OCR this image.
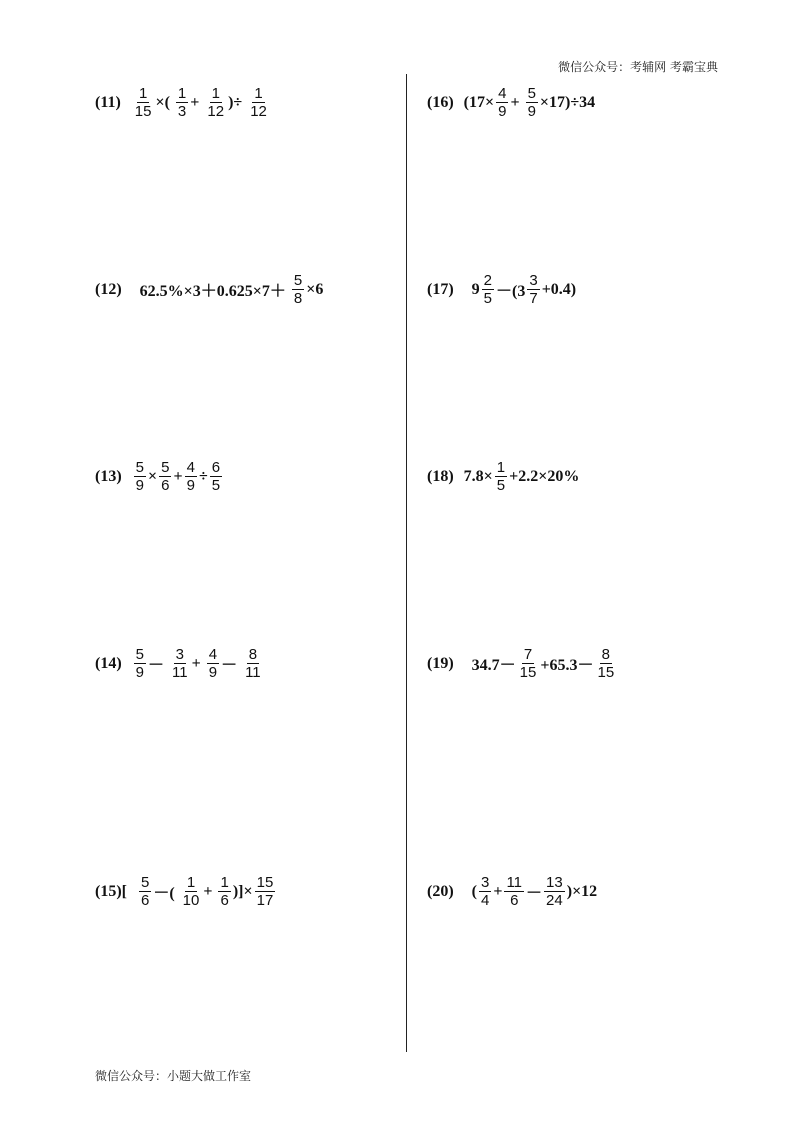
微信公众号：考辅网 考霸宝典
$(11) \frac{1}{15}$ ×( $\frac{1}{3} + \frac{1}{12}$ )÷ $\frac{1}{12}$
(12) $62.5\%\times 3+0.625\times 7+ \frac{5}{8} \times 6$
$(13) \frac{5}{9} \times \frac{5}{6} + \frac{4}{9} \div \frac{6}{5}$
$(14) \frac{5}{9} - \frac{3}{11} + \frac{4}{9} - \frac{8}{11}$
$(15)[ \frac{5}{6}$ －( $\frac{1}{10} + \frac{1}{6}$ )]× $\frac{15}{17}$
(16) $(17\times \frac{4}{9} + \frac{5}{9} \times 17)\div 34$
(17) $9 \frac{2}{5} -(3 \frac{3}{7} +0.4)$
(18) $7.8\times \frac{1}{5} +2.2\times 20\%$
(19) $34.7- \frac{7}{15} +65.3- \frac{8}{15}$
(20) ( $\frac{3}{4} + \frac{11}{6} - \frac{13}{24} )\times 12$
微信公众号：小题大做工作室
